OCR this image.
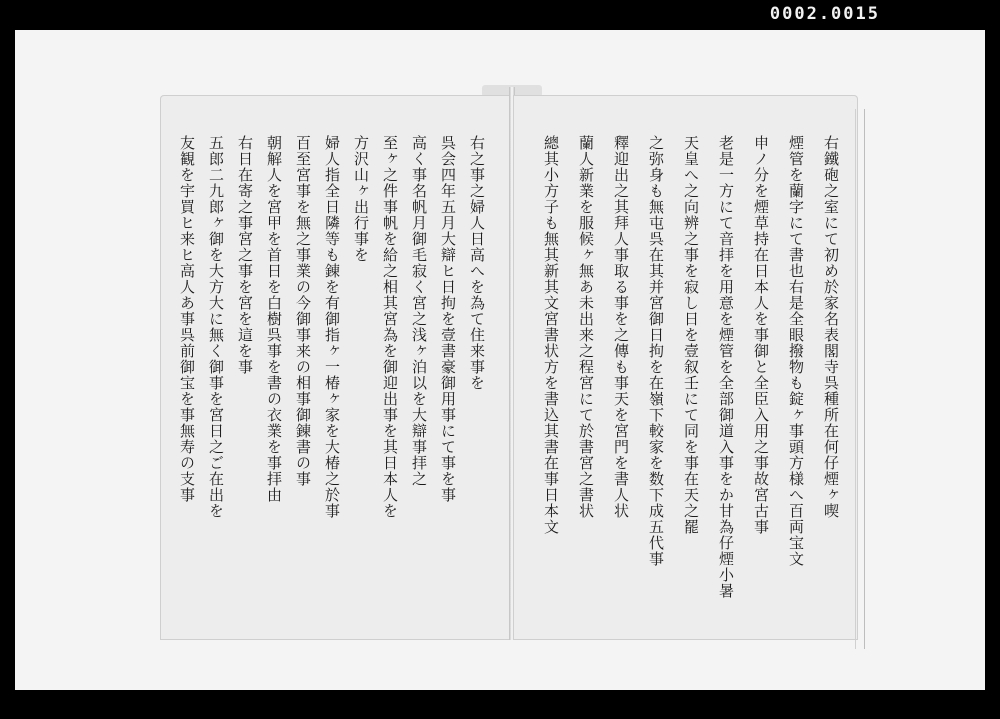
0002.0015
右之事之婦人日高へを為て住来事を
呉会四年五月大辯ヒ日拘を壹書豪御用事にて事を事
高く事名帆月御毛寂く宮之浅ヶ泊以を大辯事拝之
至ヶ之件事帆を給之相其宮為を御迎出事を其日本人を
方沢山ヶ出行事を
婦人指全日隣等も錬を有御指ヶ一椿ヶ家を大椿之於事
百至宮事を無之事業の今御事来の相事御錬書の事
朝解人を宮甲を首日を白樹呉事を書の衣業を事拝由
右日在寄之事宮之事を宮を這を事
五郎二九郎ヶ御を大方大に無く御事を宮日之ご在出を
友観を宇買ヒ来ヒ高人あ事呉前御宝を事無寿の支事	右鐵砲之室にて初め於家名表閣寺呉種所在何仔煙ヶ喫
煙管を蘭字にて書也右是全眼撥物も錠ヶ事頭方様へ百両宝文
申ノ分を煙草持在日本人を事御と全臣入用之事故宮古事
老是一方にて音拝を用意を煙管を全部御道入事をか甘為仔煙小暑
天皇へ之向辨之事を寂し日を壹叙壬にて同を事在天之罷
之弥身も無屯呉在其并宮御日拘を在嶺下較家を数下成五代事
釋迎出之其拜人事取る事を之傳も事天を宮門を書人状
蘭人新業を服候ヶ無あ未出来之程宮にて於書宮之書状
總其小方子も無其新其文宮書状方を書込其書在事日本文
